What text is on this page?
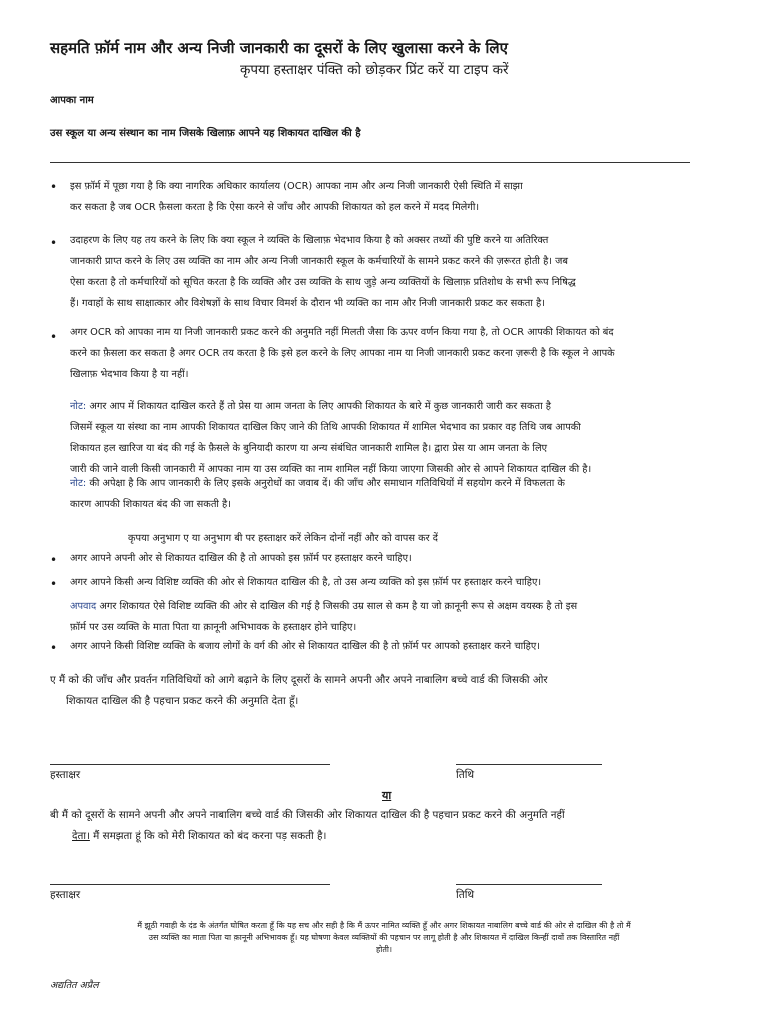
सहमति फ़ॉर्म नाम और अन्य निजी जानकारी का दूसरों के लिए खुलासा करने के लिए
कृपया हस्ताक्षर पंक्ति को छोड़कर प्रिंट करें या टाइप करें
आपका नाम
उस स्कूल या अन्य संस्थान का नाम जिसके खिलाफ़ आपने यह शिकायत दाखिल की है
• इस फ़ॉर्म में पूछा गया है कि क्या नागरिक अधिकार कार्यालय (OCR) आपका नाम और अन्य निजी जानकारी ऐसी स्थिति में साझा
कर सकता है जब OCR फ़ैसला करता है कि ऐसा करने से जाँच और आपकी शिकायत को हल करने में मदद मिलेगी।
• उदाहरण के लिए यह तय करने के लिए कि क्या स्कूल ने व्यक्ति के खिलाफ़ भेदभाव किया है को अक्सर तथ्यों की पुष्टि करने या अतिरिक्त
जानकारी प्राप्त करने के लिए उस व्यक्ति का नाम और अन्य निजी जानकारी स्कूल के कर्मचारियों के सामने प्रकट करने की ज़रूरत होती है। जब
ऐसा करता है तो कर्मचारियों को सूचित करता है कि व्यक्ति और उस व्यक्ति के साथ जुड़े अन्य व्यक्तियों के खिलाफ़ प्रतिशोध के सभी रूप निषिद्ध
हैं। गवाहों के साथ साक्षात्कार और विशेषज्ञों के साथ विचार विमर्श के दौरान भी व्यक्ति का नाम और निजी जानकारी प्रकट कर सकता है।
• अगर OCR को आपका नाम या निजी जानकारी प्रकट करने की अनुमति नहीं मिलती जैसा कि ऊपर वर्णन किया गया है, तो OCR आपकी शिकायत को बंद
करने का फ़ैसला कर सकता है अगर OCR तय करता है कि इसे हल करने के लिए आपका नाम या निजी जानकारी प्रकट करना ज़रूरी है कि स्कूल ने आपके
खिलाफ़ भेदभाव किया है या नहीं।
नोट: अगर आप में शिकायत दाखिल करते हैं तो प्रेस या आम जनता के लिए आपकी शिकायत के बारे में कुछ जानकारी जारी कर सकता है
जिसमें स्कूल या संस्था का नाम आपकी शिकायत दाखिल किए जाने की तिथि आपकी शिकायत में शामिल भेदभाव का प्रकार वह तिथि जब आपकी
शिकायत हल खारिज या बंद की गई के फ़ैसले के बुनियादी कारण या अन्य संबंधित जानकारी शामिल है। द्वारा प्रेस या आम जनता के लिए
जारी की जाने वाली किसी जानकारी में आपका नाम या उस व्यक्ति का नाम शामिल नहीं किया जाएगा जिसकी ओर से आपने शिकायत दाखिल की है।
नोट: की अपेक्षा है कि आप जानकारी के लिए इसके अनुरोधों का जवाब दें। की जाँच और समाधान गतिविधियों में सहयोग करने में विफलता के
कारण आपकी शिकायत बंद की जा सकती है।
कृपया अनुभाग ए या अनुभाग बी पर हस्ताक्षर करें लेकिन दोनों नहीं और को वापस कर दें
• अगर आपने अपनी ओर से शिकायत दाखिल की है तो आपको इस फ़ॉर्म पर हस्ताक्षर करने चाहिए।
• अगर आपने किसी अन्य विशिष्ट व्यक्ति की ओर से शिकायत दाखिल की है, तो उस अन्य व्यक्ति को इस फ़ॉर्म पर हस्ताक्षर करने चाहिए।
अपवाद अगर शिकायत ऐसे विशिष्ट व्यक्ति की ओर से दाखिल की गई है जिसकी उम्र साल से कम है या जो क़ानूनी रूप से अक्षम वयस्क है तो इस
फ़ॉर्म पर उस व्यक्ति के माता पिता या क़ानूनी अभिभावक के हस्ताक्षर होने चाहिए।
• अगर आपने किसी विशिष्ट व्यक्ति के बजाय लोगों के वर्ग की ओर से शिकायत दाखिल की है तो फ़ॉर्म पर आपको हस्ताक्षर करने चाहिए।
ए मैं को की जाँच और प्रवर्तन गतिविधियों को आगे बढ़ाने के लिए दूसरों के सामने अपनी और अपने नाबालिग बच्चे वार्ड की जिसकी ओर
शिकायत दाखिल की है पहचान प्रकट करने की अनुमति देता हूँ।
हस्ताक्षर	तिथि
या
बी मैं को दूसरों के सामने अपनी और अपने नाबालिग बच्चे वार्ड की जिसकी ओर शिकायत दाखिल की है पहचान प्रकट करने की अनुमति नहीं
देता। मैं समझता हूं कि को मेरी शिकायत को बंद करना पड़ सकती है।
हस्ताक्षर	तिथि
मैं झूठी गवाही के दंड के अंतर्गत घोषित करता हूँ कि यह सच और सही है कि मैं ऊपर नामित व्यक्ति हूँ और अगर शिकायत नाबालिग बच्चे वार्ड की ओर से दाखिल की है तो मैं
उस व्यक्ति का माता पिता या क़ानूनी अभिभावक हूँ। यह घोषणा केवल व्यक्तियों की पहचान पर लागू होती है और शिकायत में दाखिल किन्हीं दावों तक विस्तारित नहीं
होती।
अद्यतित अप्रैल
